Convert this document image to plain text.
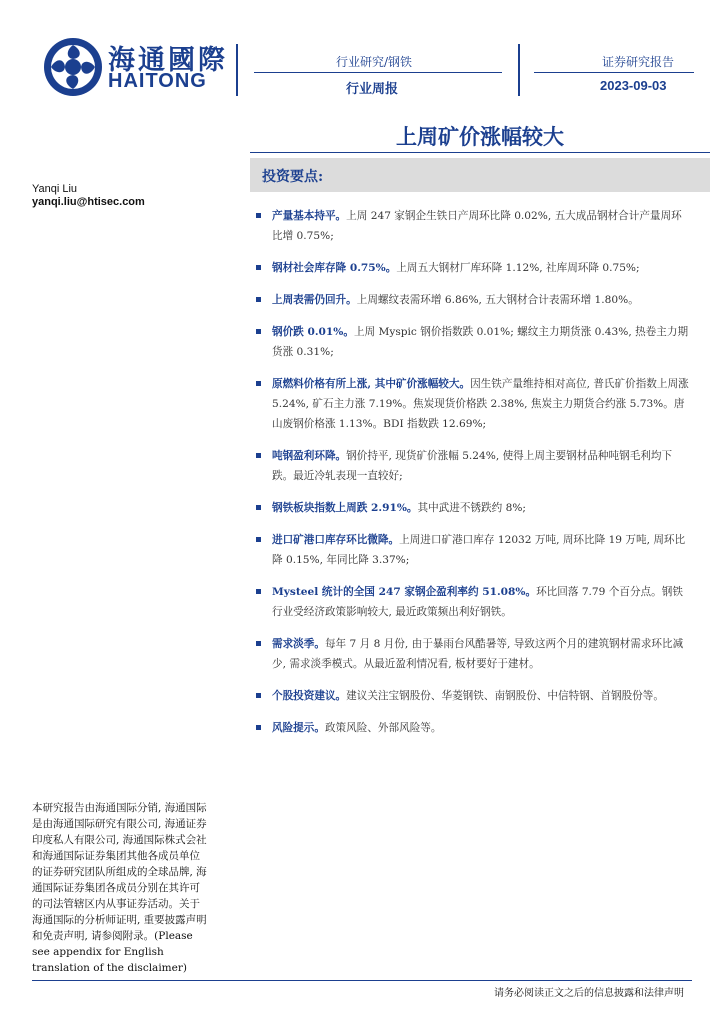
海通國際
HAITONG
行业研究/钢铁
行业周报
证券研究报告
2023-09-03
上周矿价涨幅较大
投资要点:
Yanqi Liu
yanqi.liu@htisec.com
产量基本持平。上周 247 家钢企生铁日产周环比降 0.02%, 五大成品钢材合计产量周环比增 0.75%;
钢材社会库存降 0.75%。上周五大钢材厂库环降 1.12%, 社库周环降 0.75%;
上周表需仍回升。上周螺纹表需环增 6.86%, 五大钢材合计表需环增 1.80%。
钢价跌 0.01%。上周 Myspic 钢价指数跌 0.01%; 螺纹主力期货涨 0.43%, 热卷主力期货涨 0.31%;
原燃料价格有所上涨, 其中矿价涨幅较大。因生铁产量维持相对高位, 普氏矿价指数上周涨 5.24%, 矿石主力涨 7.19%。焦炭现货价格跌 2.38%, 焦炭主力期货合约涨 5.73%。唐山废钢价格涨 1.13%。BDI 指数跌 12.69%;
吨钢盈利环降。钢价持平, 现货矿价涨幅 5.24%, 使得上周主要钢材品种吨钢毛利均下跌。最近冷轧表现一直较好;
钢铁板块指数上周跌 2.91%。其中武进不锈跌约 8%;
进口矿港口库存环比微降。上周进口矿港口库存 12032 万吨, 周环比降 19 万吨, 周环比降 0.15%, 年同比降 3.37%;
Mysteel 统计的全国 247 家钢企盈利率约 51.08%。环比回落 7.79 个百分点。钢铁行业受经济政策影响较大, 最近政策频出利好钢铁。
需求淡季。每年 7 月 8 月份, 由于暴雨台风酷暑等, 导致这两个月的建筑钢材需求环比减少, 需求淡季模式。从最近盈利情况看, 板材要好于建材。
个股投资建议。建议关注宝钢股份、华菱钢铁、南钢股份、中信特钢、首钢股份等。
风险提示。政策风险、外部风险等。
本研究报告由海通国际分销, 海通国际是由海通国际研究有限公司, 海通证券印度私人有限公司, 海通国际株式会社和海通国际证券集团其他各成员单位的证券研究团队所组成的全球品牌, 海通国际证券集团各成员分别在其许可的司法管辖区内从事证券活动。关于海通国际的分析师证明, 重要披露声明和免责声明, 请参阅附录。(Please see appendix for English translation of the disclaimer)
请务必阅读正文之后的信息披露和法律声明
